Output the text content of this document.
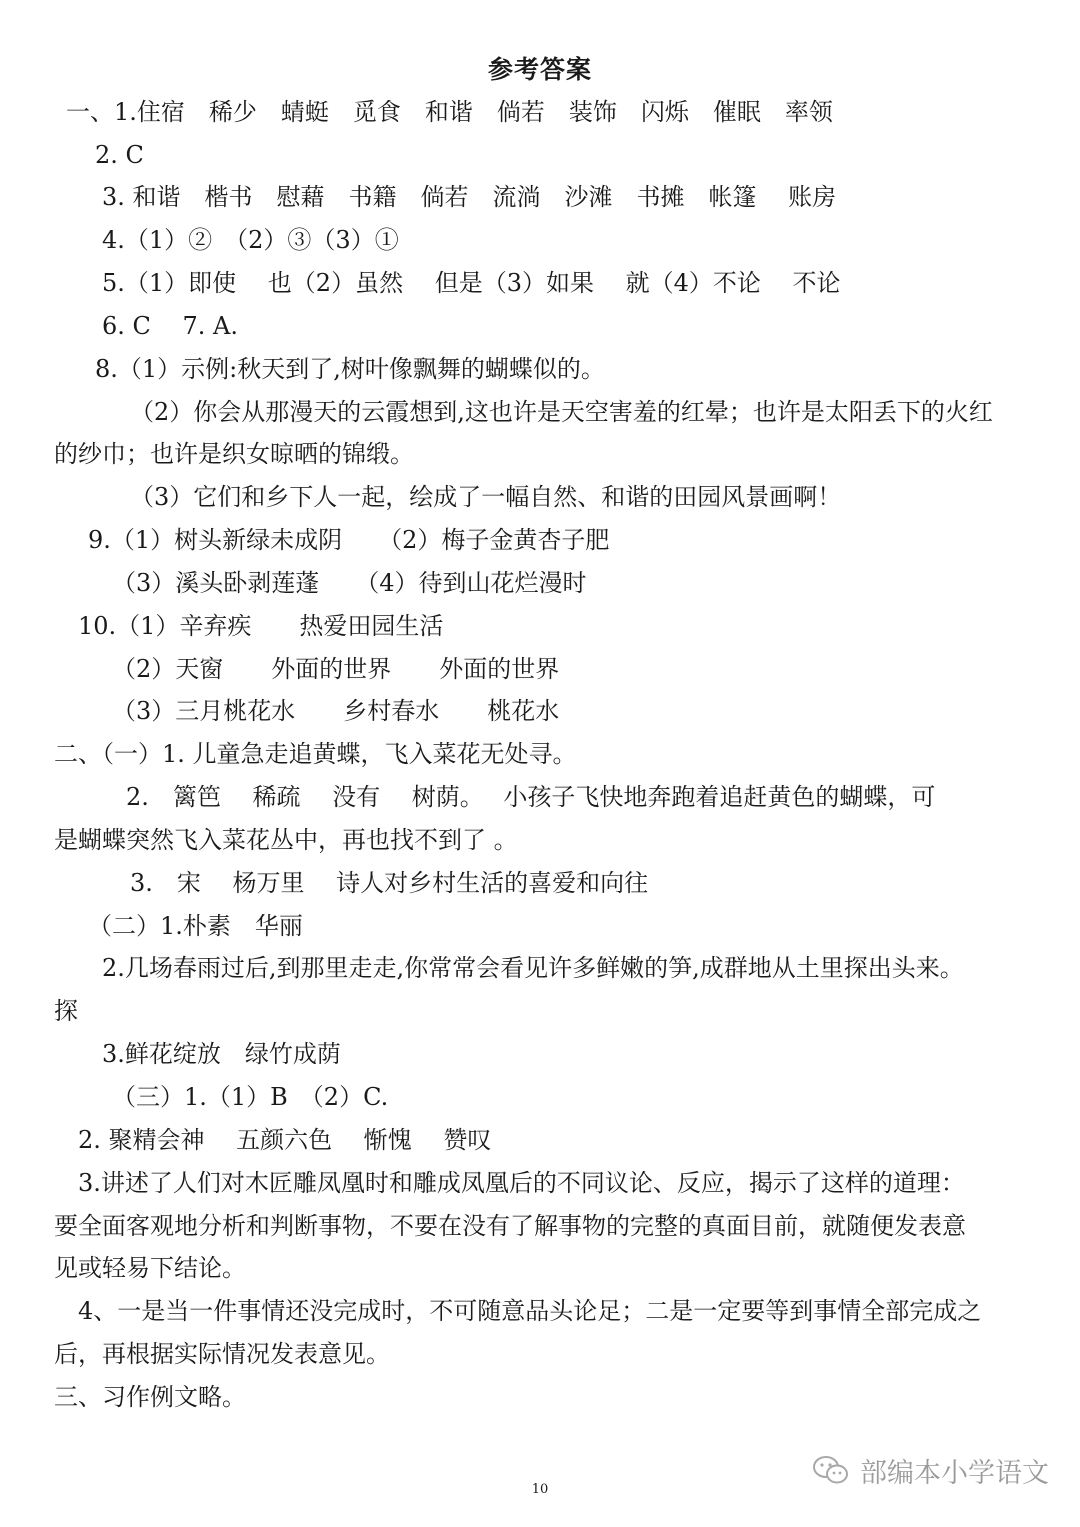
参考答案
一、1.住宿　稀少　蜻蜓　觅食　和谐　倘若　装饰　闪烁　催眠　率领
2. C
3. 和谐　楷书　慰藉　书籍　倘若　流淌　沙滩　书摊　帐篷　 账房
4.（1）②　（2）③（3）①
5.（1）即使　 也（2）虽然　 但是（3）如果　 就（4）不论　 不论
6. C　 7. A.
8.（1）示例:秋天到了,树叶像飘舞的蝴蝶似的。
（2）你会从那漫天的云霞想到,这也许是天空害羞的红晕；也许是太阳丢下的火红
的纱巾；也许是织女晾晒的锦缎。
（3）它们和乡下人一起，绘成了一幅自然、和谐的田园风景画啊！
9.（1）树头新绿未成阴　　（2）梅子金黄杏子肥
（3）溪头卧剥莲蓬　　（4）待到山花烂漫时
10.（1）辛弃疾　　热爱田园生活
（2）天窗　　外面的世界　　外面的世界
（3）三月桃花水　　乡村春水　　桃花水
二、（一）1. 儿童急走追黄蝶，飞入菜花无处寻。
2.　篱笆　 稀疏　 没有　 树荫。　 小孩子飞快地奔跑着追赶黄色的蝴蝶，可
是蝴蝶突然飞入菜花丛中，再也找不到了 。
3.　宋　 杨万里　 诗人对乡村生活的喜爱和向往
（二）1.朴素　华丽
2.几场春雨过后,到那里走走,你常常会看见许多鲜嫩的笋,成群地从土里探出头来。
探
3.鲜花绽放　绿竹成荫
（三）1.（1）B　（2）C.
2. 聚精会神　 五颜六色　 惭愧　 赞叹
3.讲述了人们对木匠雕凤凰时和雕成凤凰后的不同议论、反应，揭示了这样的道理：
要全面客观地分析和判断事物，不要在没有了解事物的完整的真面目前，就随便发表意
见或轻易下结论。
4、一是当一件事情还没完成时，不可随意品头论足；二是一定要等到事情全部完成之
后，再根据实际情况发表意见。
三、习作例文略。
10
部编本小学语文
